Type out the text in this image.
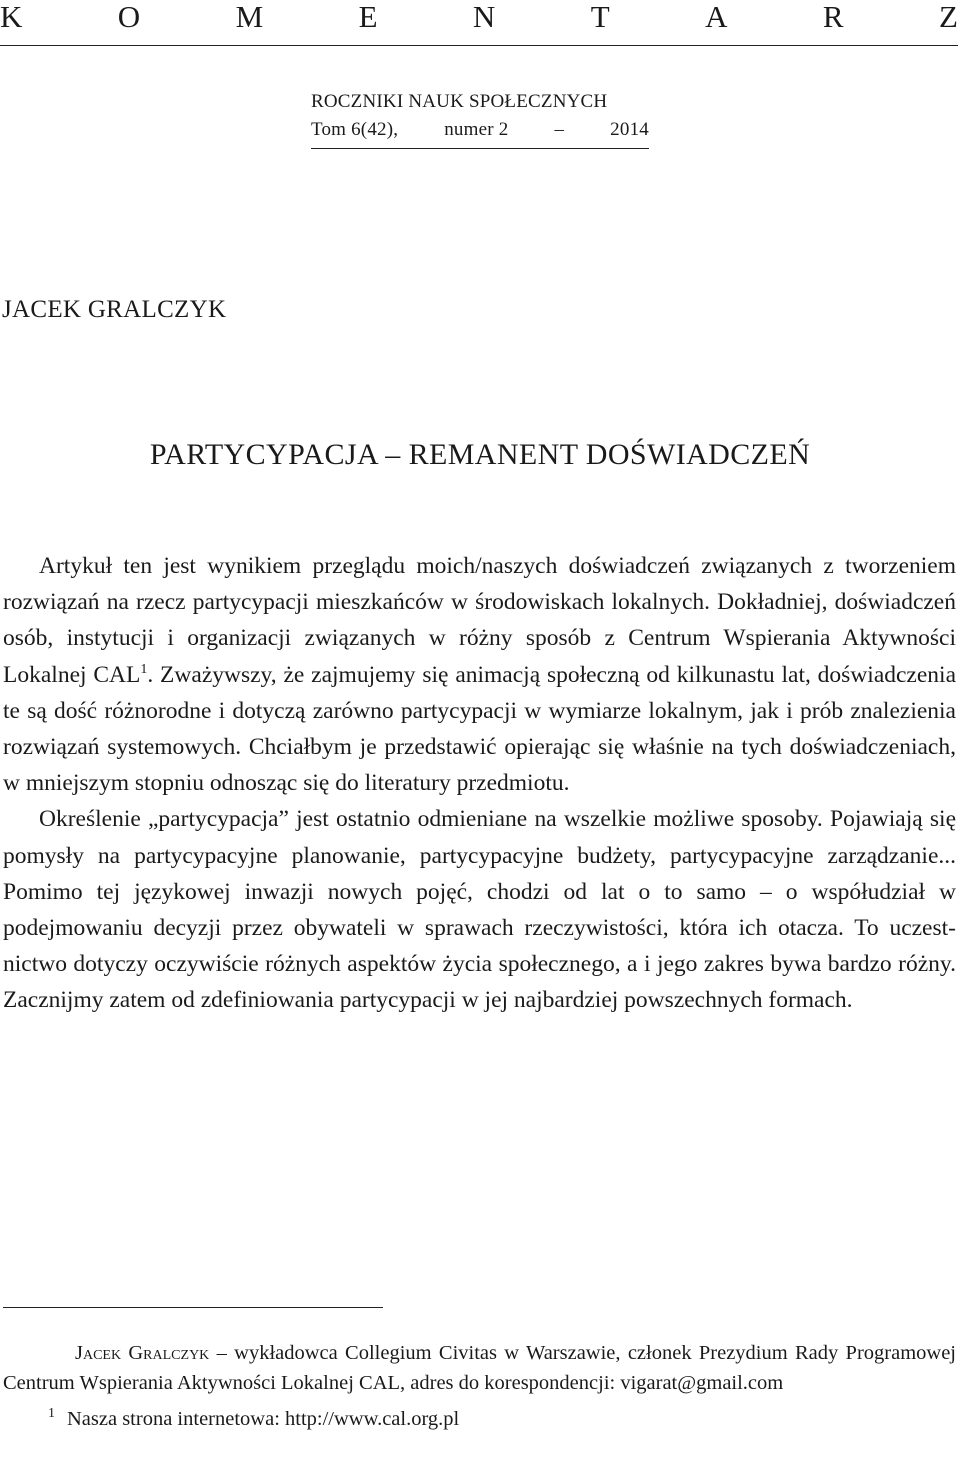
K	O	M	E	N	T	A	R	Z
ROCZNIKI NAUK SPOŁECZNYCH
Tom 6(42), numer 2 – 2014
JACEK GRALCZYK
PARTYCYPACJA – REMANENT DOŚWIADCZEŃ

Artykuł ten jest wynikiem przeglądu moich/naszych doświadczeń związanych z tworzeniem rozwiązań na rzecz partycypacji mieszkańców w środowiskach lokalnych. Dokładniej, doświadczeń osób, instytucji i organizacji związanych w różny sposób z Centrum Wspierania Aktywności Lokalnej CAL$^1$. Zważywszy, że zajmujemy się animacją społeczną od kilkunastu lat, doświadczenia te są dość różnorodne i dotyczą zarówno partycypacji w wymiarze lokalnym, jak i prób znalezienia rozwiązań systemowych. Chciałbym je przedstawić opierając się właśnie na tych doświadczeniach, w mniejszym stopniu odnosząc się do literatury przedmiotu.

Określenie „partycypacja” jest ostatnio odmieniane na wszelkie możliwe sposoby. Pojawiają się pomysły na partycypacyjne planowanie, partycypacyjne budżety, partycypacyjne zarządzanie... Pomimo tej językowej inwazji nowych pojęć, chodzi od lat o to samo – o współudział w podejmowaniu decyzji przez obywateli w sprawach rzeczywistości, która ich otacza. To uczestnictwo dotyczy oczywiście różnych aspektów życia społecznego, a i jego zakres bywa bardzo różny. Zacznijmy zatem od zdefiniowania partycypacji w jej najbardziej powszechnych formach.

Jacek Gralczyk – wykładowca Collegium Civitas w Warszawie, członek Prezydium Rady Programowej Centrum Wspierania Aktywności Lokalnej CAL, adres do korespondencji: vigarat@gmail.com

$^1$ Nasza strona internetowa: http://www.cal.org.pl
